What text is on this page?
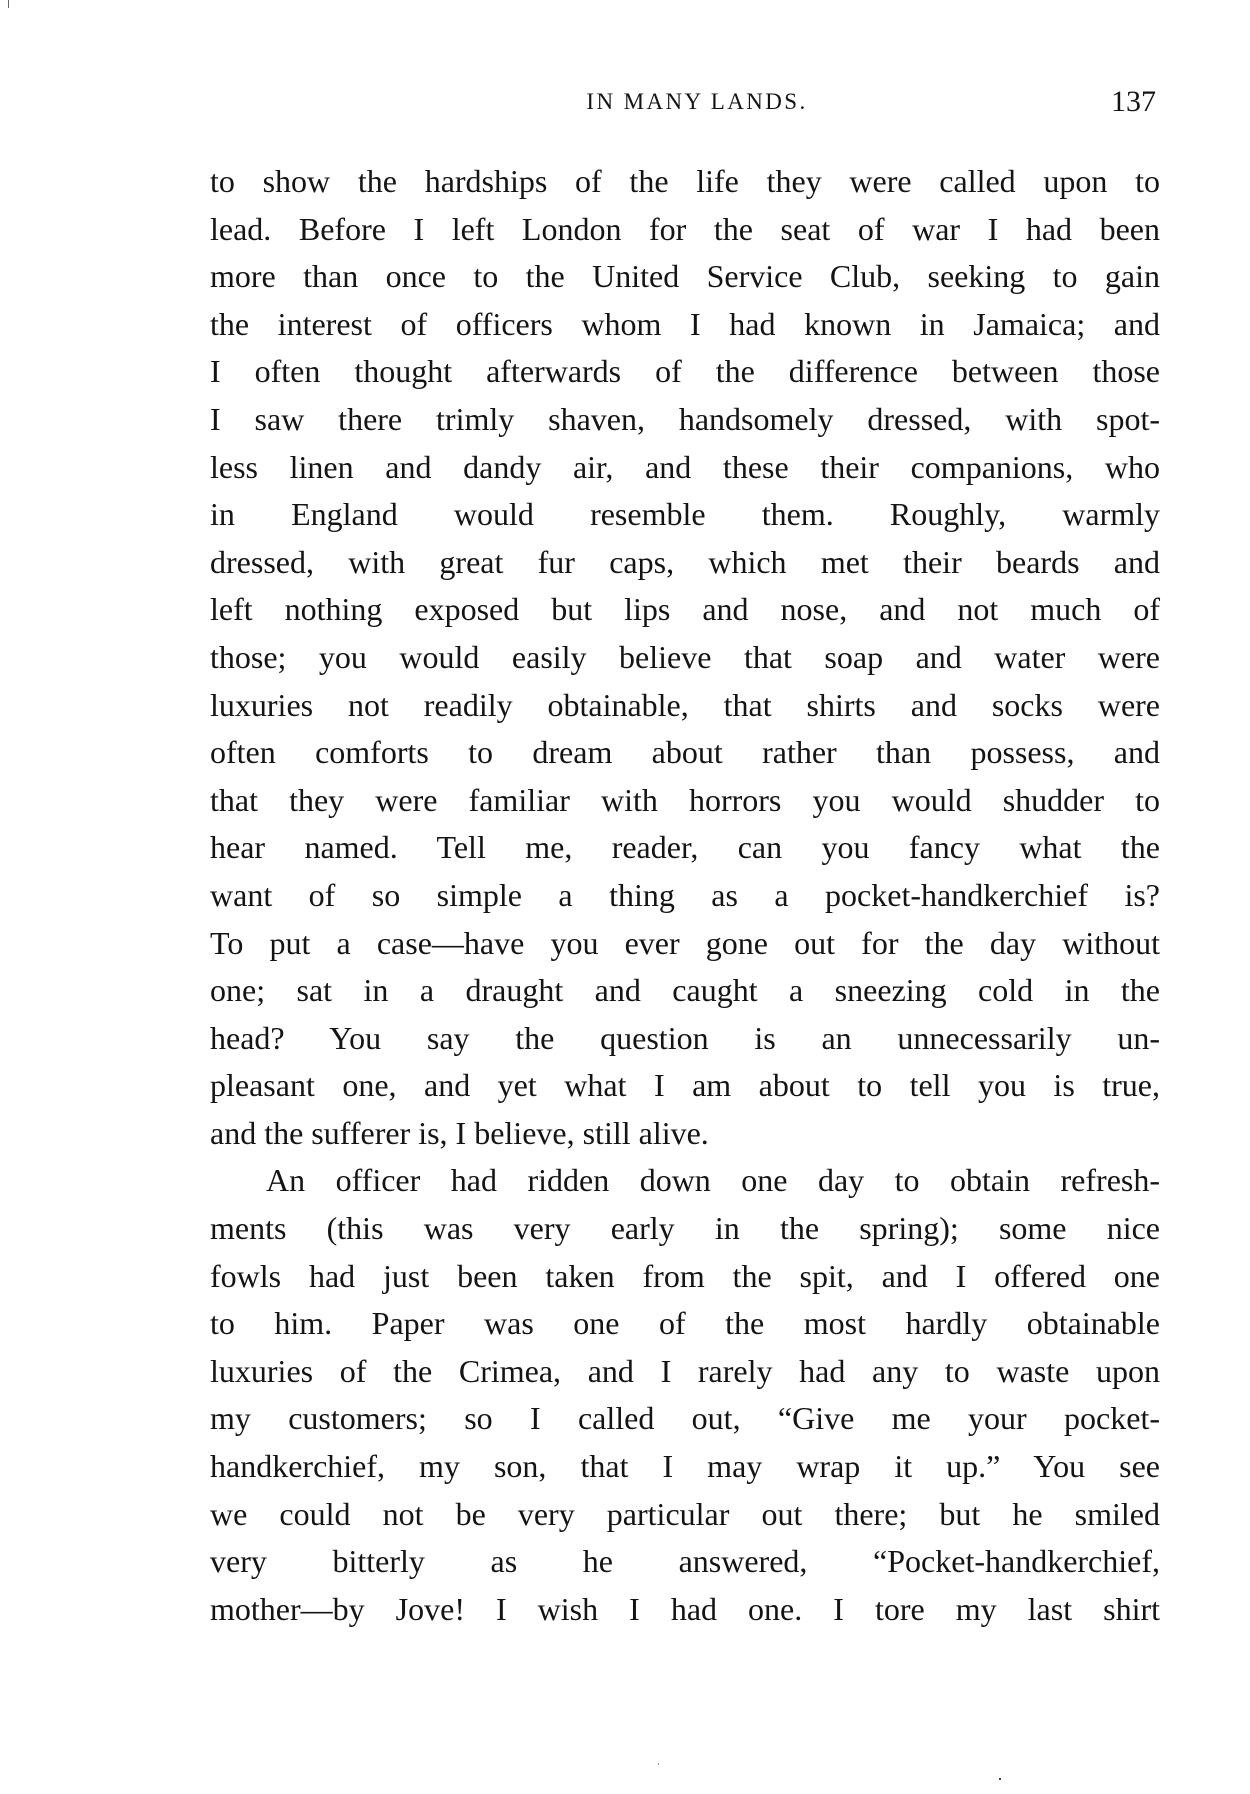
IN MANY LANDS.	137
to show the hardships of the life they were called upon to
lead. Before I left London for the seat of war I had been
more than once to the United Service Club, seeking to gain
the interest of officers whom I had known in Jamaica; and
I often thought afterwards of the difference between those
I saw there trimly shaven, handsomely dressed, with spot-
less linen and dandy air, and these their companions, who
in England would resemble them. Roughly, warmly
dressed, with great fur caps, which met their beards and
left nothing exposed but lips and nose, and not much of
those; you would easily believe that soap and water were
luxuries not readily obtainable, that shirts and socks were
often comforts to dream about rather than possess, and
that they were familiar with horrors you would shudder to
hear named. Tell me, reader, can you fancy what the
want of so simple a thing as a pocket-handkerchief is?
To put a case—have you ever gone out for the day without
one; sat in a draught and caught a sneezing cold in the
head? You say the question is an unnecessarily un-
pleasant one, and yet what I am about to tell you is true,
and the sufferer is, I believe, still alive.
An officer had ridden down one day to obtain refresh-
ments (this was very early in the spring); some nice
fowls had just been taken from the spit, and I offered one
to him. Paper was one of the most hardly obtainable
luxuries of the Crimea, and I rarely had any to waste upon
my customers; so I called out, “Give me your pocket-
handkerchief, my son, that I may wrap it up.” You see
we could not be very particular out there; but he smiled
very bitterly as he answered, “Pocket-handkerchief,
mother—by Jove! I wish I had one. I tore my last shirt
